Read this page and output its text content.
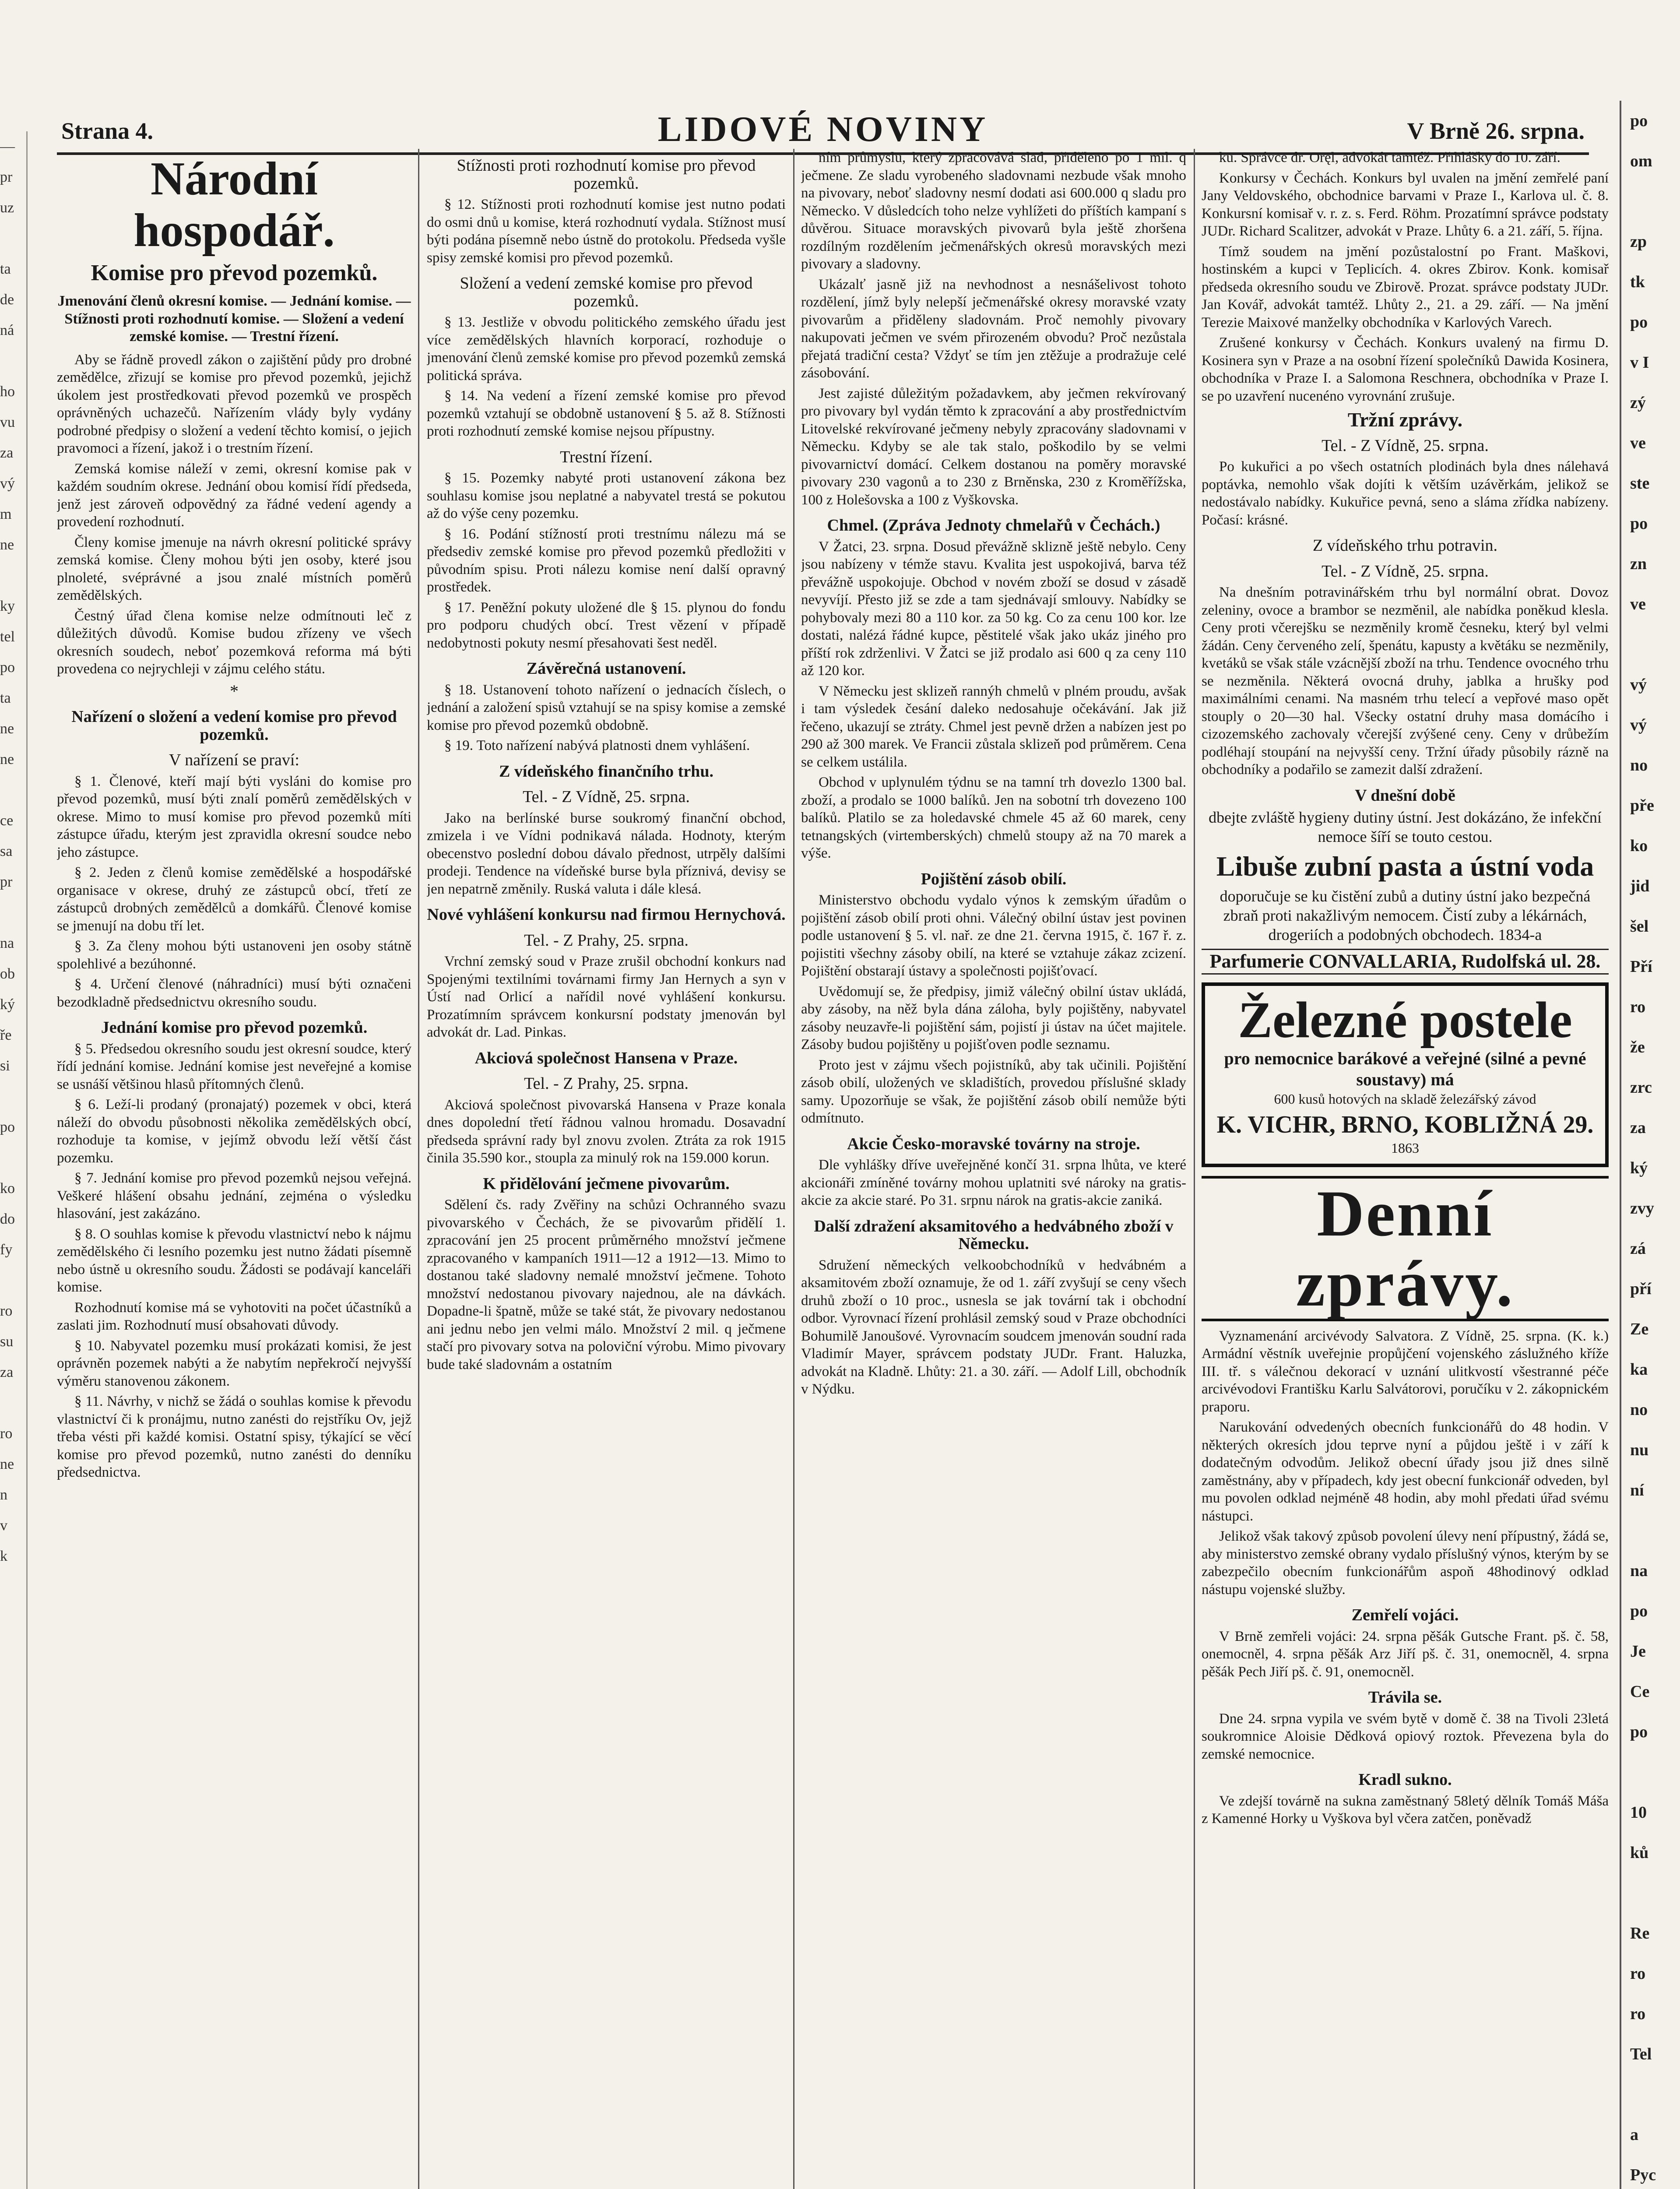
—
pr
uz

ta
de
ná

ho
vu
za
vý
m
ne

ky
tel
po
ta
ne
ne

ce
sa
pr

na
ob
ký
ře
si

po

ko
do
fy

ro
su
za

ro
ne
n
v
k
Strana 4.	LIDOVÉ NOVINY	V Brně 26. srpna.
Národní hospodář.
Komise pro převod pozemků.
Jmenování členů okresní komise. — Jednání komise. — Stížnosti proti rozhodnutí komise. — Složení a vedení zemské komise. — Trestní řízení.

Aby se řádně provedl zákon o zajištění půdy pro drobné zemědělce, zřizují se komise pro převod pozemků, jejichž úkolem jest prostředkovati převod pozemků ve prospěch oprávněných uchazečů. Nařízením vlády byly vydány podrobné předpisy o složení a vedení těchto komisí, o jejich pravomoci a řízení, jakož i o trestním řízení.

Zemská komise náleží v zemi, okresní komise pak v každém soudním okrese. Jednání obou komisí řídí předseda, jenž jest zároveň odpovědný za řádné vedení agendy a provedení rozhodnutí.

Členy komise jmenuje na návrh okresní politické správy zemská komise. Členy mohou býti jen osoby, které jsou plnoleté, svéprávné a jsou znalé místních poměrů zemědělských.

Čestný úřad člena komise nelze odmítnouti leč z důležitých důvodů. Komise budou zřízeny ve všech okresních soudech, neboť pozemková reforma má býti provedena co nejrychleji v zájmu celého státu.

*
Nařízení o složení a vedení komise pro převod pozemků.
V nařízení se praví:

§ 1. Členové, kteří mají býti vysláni do komise pro převod pozemků, musí býti znalí poměrů zemědělských v okrese. Mimo to musí komise pro převod pozemků míti zástupce úřadu, kterým jest zpravidla okresní soudce nebo jeho zástupce.

§ 2. Jeden z členů komise zemědělské a hospodářské organisace v okrese, druhý ze zástupců obcí, třetí ze zástupců drobných zemědělců a domkářů. Členové komise se jmenují na dobu tří let.

§ 3. Za členy mohou býti ustanoveni jen osoby státně spolehlivé a bezúhonné.

§ 4. Určení členové (náhradníci) musí býti označeni bezodkladně předsednictvu okresního soudu.

Jednání komise pro převod pozemků.

§ 5. Předsedou okresního soudu jest okresní soudce, který řídí jednání komise. Jednání komise jest neveřejné a komise se usnáší většinou hlasů přítomných členů.

§ 6. Leží-li prodaný (pronajatý) pozemek v obci, která náleží do obvodu působnosti několika zemědělských obcí, rozhoduje ta komise, v jejímž obvodu leží větší část pozemku.

§ 7. Jednání komise pro převod pozemků nejsou veřejná. Veškeré hlášení obsahu jednání, zejména o výsledku hlasování, jest zakázáno.

§ 8. O souhlas komise k převodu vlastnictví nebo k nájmu zemědělského či lesního pozemku jest nutno žádati písemně nebo ústně u okresního soudu. Žádosti se podávají kanceláři komise.

Rozhodnutí komise má se vyhotoviti na počet účastníků a zaslati jim. Rozhodnutí musí obsahovati důvody.

§ 10. Nabyvatel pozemku musí prokázati komisi, že jest oprávněn pozemek nabýti a že nabytím nepřekročí nejvyšší výměru stanovenou zákonem.

§ 11. Návrhy, v nichž se žádá o souhlas komise k převodu vlastnictví či k pronájmu, nutno zanésti do rejstříku Ov, jejž třeba vésti při každé komisi. Ostatní spisy, týkající se věcí komise pro převod pozemků, nutno zanésti do denníku předsednictva.

Stížnosti proti rozhodnutí komise pro převod pozemků.

§ 12. Stížnosti proti rozhodnutí komise jest nutno podati do osmi dnů u komise, která rozhodnutí vydala. Stížnost musí býti podána písemně nebo ústně do protokolu. Předseda vyšle spisy zemské komisi pro převod pozemků.

Složení a vedení zemské komise pro převod pozemků.

§ 13. Jestliže v obvodu politického zemského úřadu jest více zemědělských hlavních korporací, rozhoduje o jmenování členů zemské komise pro převod pozemků zemská politická správa.

§ 14. Na vedení a řízení zemské komise pro převod pozemků vztahují se obdobně ustanovení § 5. až 8. Stížnosti proti rozhodnutí zemské komise nejsou přípustny.

Trestní řízení.

§ 15. Pozemky nabyté proti ustanovení zákona bez souhlasu komise jsou neplatné a nabyvatel trestá se pokutou až do výše ceny pozemku.

§ 16. Podání stížností proti trestnímu nálezu má se předsediv zemské komise pro převod pozemků předložiti v původním spisu. Proti nálezu komise není další opravný prostředek.

§ 17. Peněžní pokuty uložené dle § 15. plynou do fondu pro podporu chudých obcí. Trest vězení v případě nedobytnosti pokuty nesmí přesahovati šest neděl.

Závěrečná ustanovení.

§ 18. Ustanovení tohoto nařízení o jednacích číslech, o jednání a založení spisů vztahují se na spisy komise a zemské komise pro převod pozemků obdobně.

§ 19. Toto nařízení nabývá platnosti dnem vyhlášení.

Z vídeňského finančního trhu.
Tel. - Z Vídně, 25. srpna.

Jako na berlínské burse soukromý finanční obchod, zmizela i ve Vídni podnikavá nálada. Hodnoty, kterým obecenstvo poslední dobou dávalo přednost, utrpěly dalšími prodeji. Tendence na vídeňské burse byla příznivá, devisy se jen nepatrně změnily. Ruská valuta i dále klesá.

Nové vyhlášení konkursu nad firmou Hernychová.
Tel. - Z Prahy, 25. srpna.

Vrchní zemský soud v Praze zrušil obchodní konkurs nad Spojenými textilními továrnami firmy Jan Hernych a syn v Ústí nad Orlicí a nařídil nové vyhlášení konkursu. Prozatímním správcem konkursní podstaty jmenován byl advokát dr. Lad. Pinkas.

Akciová společnost Hansena v Praze.
Tel. - Z Prahy, 25. srpna.

Akciová společnost pivovarská Hansena v Praze konala dnes dopolední třetí řádnou valnou hromadu. Dosavadní předseda správní rady byl znovu zvolen. Ztráta za rok 1915 činila 35.590 kor., stoupla za minulý rok na 159.000 korun.

K přidělování ječmene pivovarům.

Sdělení čs. rady Zvěřiny na schůzi Ochranného svazu pivovarského v Čechách, že se pivovarům přidělí 1. zpracování jen 25 procent průměrného množství ječmene zpracovaného v kampaních 1911—12 a 1912—13. Mimo to dostanou také sladovny nemalé množství ječmene. Tohoto množství nedostanou pivovary najednou, ale na dávkách. Dopadne-li špatně, může se také stát, že pivovary nedostanou ani jednu nebo jen velmi málo. Množství 2 mil. q ječmene stačí pro pivovary sotva na poloviční výrobu. Mimo pivovary bude také sladovnám a ostatním

ním průmyslu, který zpracovává slad, přiděleno po 1 mil. q ječmene. Ze sladu vyrobeného sladovnami nezbude však mnoho na pivovary, neboť sladovny nesmí dodati asi 600.000 q sladu pro Německo. V důsledcích toho nelze vyhlížeti do příštích kampaní s důvěrou. Situace moravských pivovarů byla ještě zhoršena rozdílným rozdělením ječmenářských okresů moravských mezi pivovary a sladovny.

Ukázalť jasně již na nevhodnost a nesnášelivost tohoto rozdělení, jímž byly nelepší ječmenářské okresy moravské vzaty pivovarům a přiděleny sladovnám. Proč nemohly pivovary nakupovati ječmen ve svém přirozeném obvodu? Proč nezůstala přejatá tradiční cesta? Vždyť se tím jen ztěžuje a prodražuje celé zásobování.

Jest zajisté důležitým požadavkem, aby ječmen rekvírovaný pro pivovary byl vydán těmto k zpracování a aby prostřednictvím Litovelské rekvírované ječmeny nebyly zpracovány sladovnami v Německu. Kdyby se ale tak stalo, poškodilo by se velmi pivovarnictví domácí. Celkem dostanou na poměry moravské pivovary 230 vagonů a to 230 z Brněnska, 230 z Kroměřížska, 100 z Holešovska a 100 z Vyškovska.

Chmel. (Zpráva Jednoty chmelařů v Čechách.)

V Žatci, 23. srpna. Dosud převážně sklizně ještě nebylo. Ceny jsou nabízeny v témže stavu. Kvalita jest uspokojivá, barva též převážně uspokojuje. Obchod v novém zboží se dosud v zásadě nevyvíjí. Přesto již se zde a tam sjednávají smlouvy. Nabídky se pohybovaly mezi 80 a 110 kor. za 50 kg. Co za cenu 100 kor. lze dostati, nalézá řádné kupce, pěstitelé však jako ukáz jiného pro příští rok zdrženlivi. V Žatci se již prodalo asi 600 q za ceny 110 až 120 kor.

V Německu jest sklizeň rannýh chmelů v plném proudu, avšak i tam výsledek česání daleko nedosahuje očekávání. Jak již řečeno, ukazují se ztráty. Chmel jest pevně držen a nabízen jest po 290 až 300 marek. Ve Francii zůstala sklizeň pod průměrem. Cena se celkem ustálila.

Obchod v uplynulém týdnu se na tamní trh dovezlo 1300 bal. zboží, a prodalo se 1000 balíků. Jen na sobotní trh dovezeno 100 balíků. Platilo se za holedavské chmele 45 až 60 marek, ceny tetnangských (virtemberských) chmelů stoupy až na 70 marek a výše.

Pojištění zásob obilí.

Ministerstvo obchodu vydalo výnos k zemským úřadům o pojištění zásob obilí proti ohni. Válečný obilní ústav jest povinen podle ustanovení § 5. vl. nař. ze dne 21. června 1915, č. 167 ř. z. pojistiti všechny zásoby obilí, na které se vztahuje zákaz zcizení. Pojištění obstarají ústavy a společnosti pojišťovací.

Uvědomují se, že předpisy, jimiž válečný obilní ústav ukládá, aby zásoby, na něž byla dána záloha, byly pojištěny, nabyvatel zásoby neuzavře-li pojištění sám, pojistí ji ústav na účet majitele. Zásoby budou pojištěny u pojišťoven podle seznamu.

Proto jest v zájmu všech pojistníků, aby tak učinili. Pojištění zásob obilí, uložených ve skladištích, provedou příslušné sklady samy. Upozorňuje se však, že pojištění zásob obilí nemůže býti odmítnuto.

Akcie Česko-moravské továrny na stroje.

Dle vyhlášky dříve uveřejněné končí 31. srpna lhůta, ve které akcionáři zmíněné továrny mohou uplatniti své nároky na gratis-akcie za akcie staré. Po 31. srpnu nárok na gratis-akcie zaniká.

Další zdražení aksamitového a hedvábného zboží v Německu.

Sdružení německých velkoobchodníků v hedvábném a aksamitovém zboží oznamuje, že od 1. září zvyšují se ceny všech druhů zboží o 10 proc., usnesla se jak tovární tak i obchodní odbor. Vyrovnací řízení prohlásil zemský soud v Praze obchodníci Bohumilě Janoušové. Vyrovnacím soudcem jmenován soudní rada Vladimír Mayer, správcem podstaty JUDr. Frant. Haluzka, advokát na Kladně. Lhůty: 21. a 30. září. — Adolf Lill, obchodník v Nýdku.

ku. Správce dr. Oręl, advokát tamtéž. Přihlášky do 10. září.

Konkursy v Čechách. Konkurs byl uvalen na jmění zemřelé paní Jany Veldovského, obchodnice barvami v Praze I., Karlova ul. č. 8. Konkursní komisař v. r. z. s. Ferd. Röhm. Prozatímní správce podstaty JUDr. Richard Scalitzer, advokát v Praze. Lhůty 6. a 21. září, 5. října.

Tímž soudem na jmění pozůstalostní po Frant. Maškovi, hostinském a kupci v Teplicích. 4. okres Zbirov. Konk. komisař předseda okresního soudu ve Zbirově. Prozat. správce podstaty JUDr. Jan Kovář, advokát tamtéž. Lhůty 2., 21. a 29. září. — Na jmění Terezie Maixové manželky obchodníka v Karlových Varech.

Zrušené konkursy v Čechách. Konkurs uvalený na firmu D. Kosinera syn v Praze a na osobní řízení společníků Dawida Kosinera, obchodníka v Praze I. a Salomona Reschnera, obchodníka v Praze I. se po uzavření nucenéno vyrovnání zrušuje.

Tržní zprávy.
Tel. - Z Vídně, 25. srpna.

Po kukuřici a po všech ostatních plodinách byla dnes nálehavá poptávka, nemohlo však dojíti k větším uzávěrkám, jelikož se nedostávalo nabídky. Kukuřice pevná, seno a sláma zřídka nabízeny. Počasí: krásné.

Z vídeňského trhu potravin.
Tel. - Z Vídně, 25. srpna.

Na dnešním potravinářském trhu byl normální obrat. Dovoz zeleniny, ovoce a brambor se nezměnil, ale nabídka poněkud klesla. Ceny proti včerejšku se nezměnily kromě česneku, který byl velmi žádán. Ceny červeného zelí, špenátu, kapusty a květáku se nezměnily, kvetáků se však stále vzácnější zboží na trhu. Tendence ovocného trhu se nezměnila. Některá ovocná druhy, jablka a hrušky pod maximálními cenami. Na masném trhu telecí a vepřové maso opět stouply o 20—30 hal. Všecky ostatní druhy masa domácího i cizozemského zachovaly včerejší zvýšené ceny. Ceny v drůbežím podléhají stoupání na nejvyšší ceny. Tržní úřady působily rázně na obchodníky a podařilo se zamezit další zdražení.

V dnešní době
dbejte zvláště hygieny dutiny ústní. Jest dokázáno, že infekční nemoce šíří se touto cestou.
Libuše zubní pasta a ústní voda
doporučuje se ku čistění zubů a dutiny ústní jako bezpečná zbraň proti nakažlivým nemocem. Čistí zuby a lékárnách, drogeriích a podobných obchodech. 1834-a
Parfumerie CONVALLARIA, Rudolfská ul. 28.
Železné postele
pro nemocnice barákové a veřejné (silné a pevné soustavy) má
600 kusů hotových na skladě železářský závod
K. VICHR, BRNO, KOBLIŽNÁ 29.
1863
Denní zprávy.

Vyznamenání arcivévody Salvatora. Z Vídně, 25. srpna. (K. k.) Armádní věstník uveřejnie propůjčení vojenského záslužného kříže III. tř. s válečnou dekorací v uznání ulitkvostí všestranné péče arcivévodovi Františku Karlu Salvátorovi, poručíku v 2. zákopnickém praporu.

Narukování odvedených obecních funkcionářů do 48 hodin. V některých okresích jdou teprve nyní a půjdou ještě i v září k dodatečným odvodům. Jelikož obecní úřady jsou již dnes silně zaměstnány, aby v případech, kdy jest obecní funkcionář odveden, byl mu povolen odklad nejméně 48 hodin, aby mohl předati úřad svému nástupci.

Jelikož však takový způsob povolení úlevy není přípustný, žádá se, aby ministerstvo zemské obrany vydalo příslušný výnos, kterým by se zabezpečilo obecním funkcionářům aspoň 48hodinový odklad nástupu vojenské služby.

Zemřelí vojáci.

V Brně zemřeli vojáci: 24. srpna pěšák Gutsche Frant. pš. č. 58, onemocněl, 4. srpna pěšák Arz Jiří pš. č. 31, onemocněl, 4. srpna pěšák Pech Jiří pš. č. 91, onemocněl.

Trávila se.

Dne 24. srpna vypila ve svém bytě v domě č. 38 na Tivoli 23letá soukromnice Aloisie Dědková opiový roztok. Převezena byla do zemské nemocnice.

Kradl sukno.

Ve zdejší továrně na sukna zaměstnaný 58letý dělník Tomáš Máša z Kamenné Horky u Vyškova byl včera zatčen, poněvadž

po
om

zp
tk
po
v I
zý
ve
ste
po
zn
ve

vý
vý
no
pře
ko
jid
šel
Pří
ro
že
zrc
za
ký
zvy
zá
pří
Ze
ka
no
nu
ní

na
po
Je
Ce
po

10
ků

Re
ro
ro
Tel

a
Pyc
